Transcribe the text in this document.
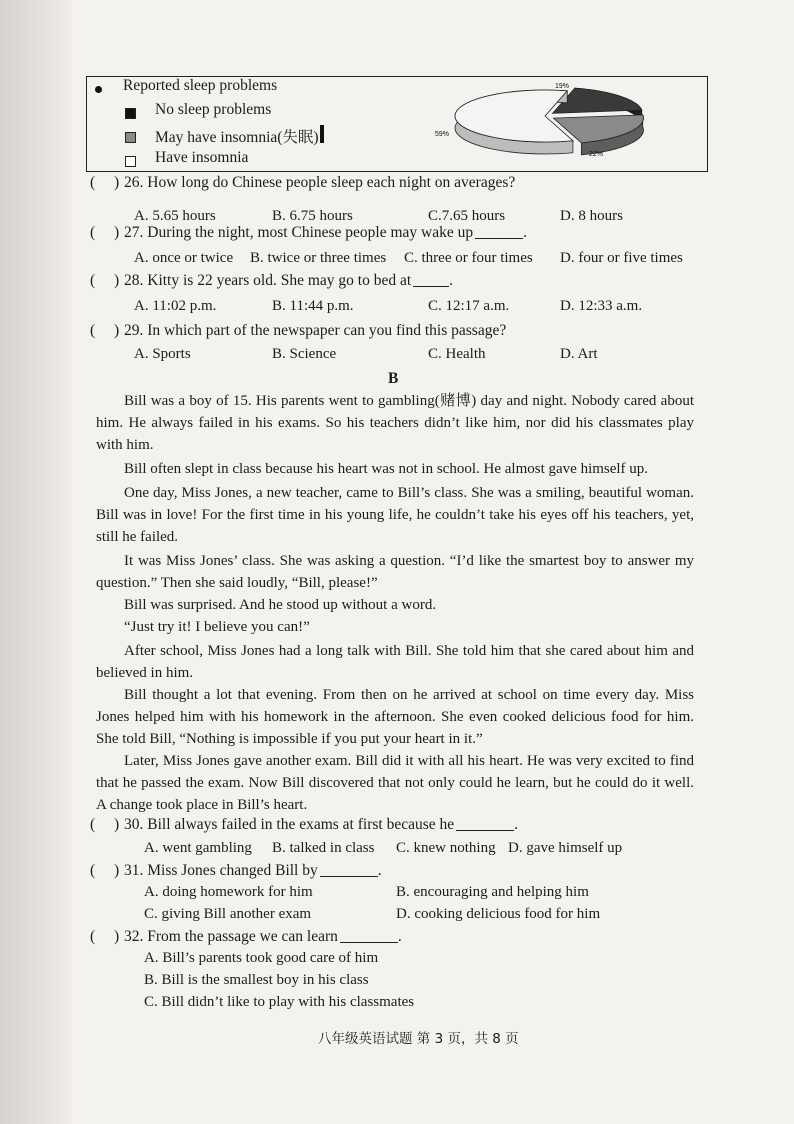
Reported sleep problems
No sleep problems
May have insomnia(失眠)
Have insomnia
19%
22%
59%
( ) 26. How long do Chinese people sleep each night on averages?
A. 5.65 hours	B. 6.75 hours	C.7.65 hours	D. 8 hours
( ) 27. During the night, most Chinese people may wake up	.
A. once or twice B. twice or three times C. three or four times D. four or five times
( ) 28. Kitty is 22 years old. She may go to bed at .
A. 11:02 p.m.	B. 11:44 p.m.	C. 12:17 a.m.	D. 12:33 a.m.
( ) 29. In which part of the newspaper can you find this passage?
A. Sports	B. Science	C. Health	D. Art
B
Bill was a boy of 15. His parents went to gambling(赌博) day and night. Nobody cared about him. He always failed in his exams. So his teachers didn’t like him, nor did his classmates play with him.
Bill often slept in class because his heart was not in school. He almost gave himself up.
One day, Miss Jones, a new teacher, came to Bill’s class. She was a smiling, beautiful woman. Bill was in love! For the first time in his young life, he couldn’t take his eyes off his teachers, yet, still he failed.
It was Miss Jones’ class. She was asking a question. “I’d like the smartest boy to answer my question.” Then she said loudly, “Bill, please!”
Bill was surprised. And he stood up without a word.
“Just try it! I believe you can!”
After school, Miss Jones had a long talk with Bill. She told him that she cared about him and believed in him.
Bill thought a lot that evening. From then on he arrived at school on time every day. Miss Jones helped him with his homework in the afternoon. She even cooked delicious food for him. She told Bill, “Nothing is impossible if you put your heart in it.”
Later, Miss Jones gave another exam. Bill did it with all his heart. He was very excited to find that he passed the exam. Now Bill discovered that not only could he learn, but he could do it well. A change took place in Bill’s heart.
( ) 30. Bill always failed in the exams at first because he	.
A. went gambling B. talked in class C. knew nothing D. gave himself up
( ) 31. Miss Jones changed Bill by	.
A. doing homework for him	B. encouraging and helping him
C. giving Bill another exam	D. cooking delicious food for him
( ) 32. From the passage we can learn	.
A. Bill’s parents took good care of him
B. Bill is the smallest boy in his class
C. Bill didn’t like to play with his classmates
八年级英语试题 第 3 页，共 8 页
